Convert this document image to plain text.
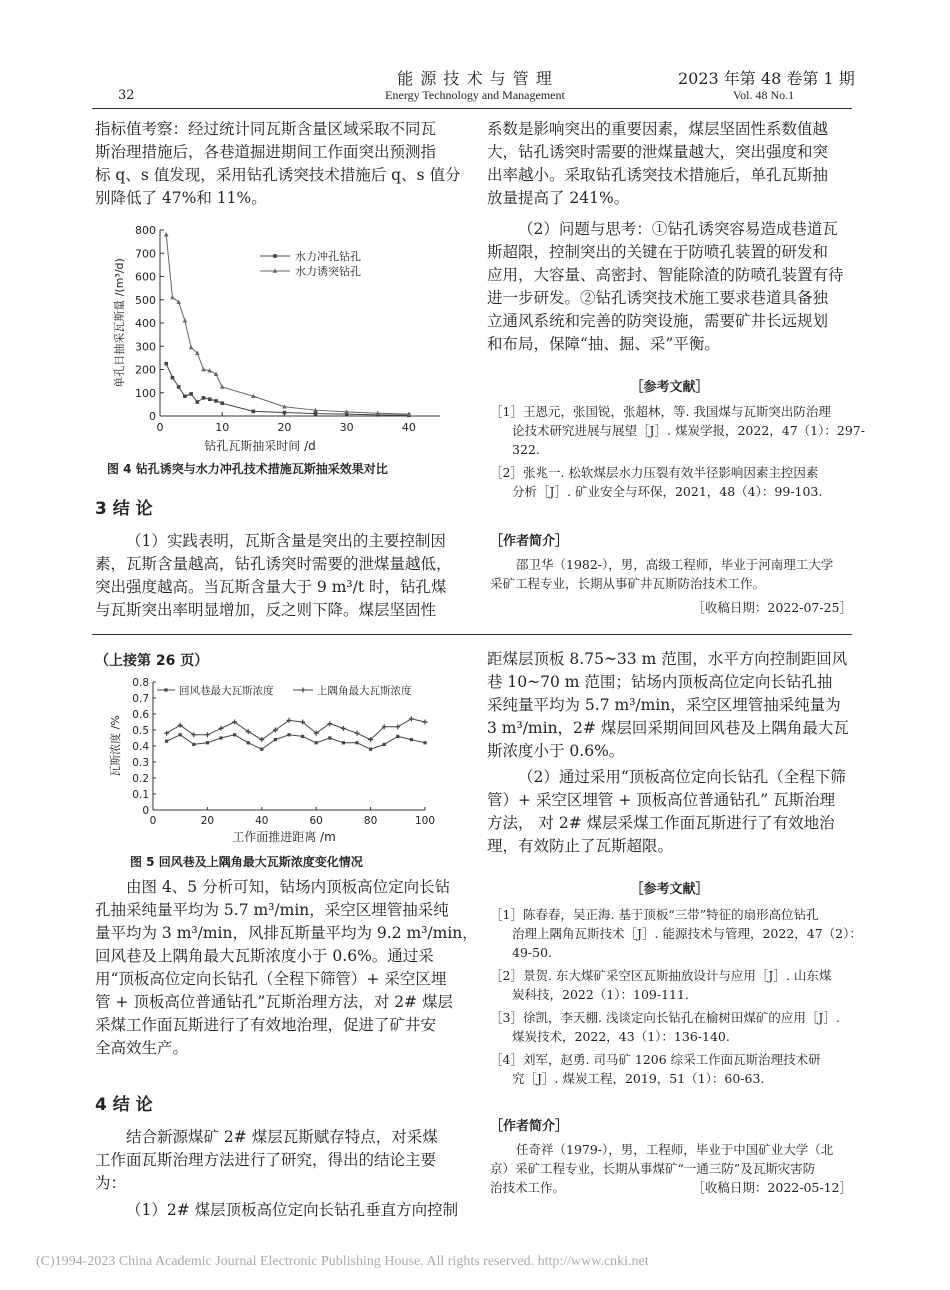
能 源 技 术 与 管 理
Energy Technology and Management
2023 年第 48 卷第 1 期
Vol. 48 No.1
32
指标值考察：经过统计同瓦斯含量区域采取不同瓦
斯治理措施后，各巷道掘进期间工作面突出预测指
标 q、s 值发现，采用钻孔诱突技术措施后 q、s 值分
别降低了 47%和 11%。
0
100
200
300
400
500
600
700
800
0	10	20	30	40
钻孔瓦斯抽采时间 /d
单孔日抽采瓦斯量 /(m³/d)
水力冲孔钻孔
水力诱突钻孔
图 4 钻孔诱突与水力冲孔技术措施瓦斯抽采效果对比
3 结 论
（1）实践表明，瓦斯含量是突出的主要控制因
素，瓦斯含量越高，钻孔诱突时需要的泄煤量越低，
突出强度越高。当瓦斯含量大于 9 m³/t 时，钻孔煤
与瓦斯突出率明显增加，反之则下降。煤层坚固性
系数是影响突出的重要因素，煤层坚固性系数值越
大，钻孔诱突时需要的泄煤量越大，突出强度和突
出率越小。采取钻孔诱突技术措施后，单孔瓦斯抽
放量提高了 241%。
（2）问题与思考：①钻孔诱突容易造成巷道瓦
斯超限，控制突出的关键在于防喷孔装置的研发和
应用，大容量、高密封、智能除渣的防喷孔装置有待
进一步研发。②钻孔诱突技术施工要求巷道具备独
立通风系统和完善的防突设施，需要矿井长远规划
和布局，保障“抽、掘、采”平衡。
［参考文献］
［1］王恩元，张国锐，张超林，等. 我国煤与瓦斯突出防治理
论技术研究进展与展望［J］. 煤炭学报，2022，47（1）：297-
322.
［2］张兆一. 松软煤层水力压裂有效半径影响因素主控因素
分析［J］. 矿业安全与环保，2021，48（4）：99-103.
［作者简介］
邵卫华（1982-），男，高级工程师，毕业于河南理工大学
采矿工程专业，长期从事矿井瓦斯防治技术工作。
［收稿日期：2022-07-25］
（上接第 26 页）
0
0.1
0.2
0.3
0.4
0.5
0.6
0.7
0.8
0	20	40	60	80	100
工作面推进距离 /m
瓦斯浓度 /%
回风巷最大瓦斯浓度	上隅角最大瓦斯浓度
图 5 回风巷及上隅角最大瓦斯浓度变化情况
由图 4、5 分析可知，钻场内顶板高位定向长钻
孔抽采纯量平均为 5.7 m³/min，采空区埋管抽采纯
量平均为 3 m³/min，风排瓦斯量平均为 9.2 m³/min，
回风巷及上隅角最大瓦斯浓度小于 0.6%。通过采
用“顶板高位定向长钻孔（全程下筛管）+ 采空区埋
管 + 顶板高位普通钻孔”瓦斯治理方法，对 2# 煤层
采煤工作面瓦斯进行了有效地治理，促进了矿井安
全高效生产。
4 结 论
结合新源煤矿 2# 煤层瓦斯赋存特点，对采煤
工作面瓦斯治理方法进行了研究，得出的结论主要
为：
（1）2# 煤层顶板高位定向长钻孔垂直方向控制
距煤层顶板 8.75~33 m 范围，水平方向控制距回风
巷 10~70 m 范围；钻场内顶板高位定向长钻孔抽
采纯量平均为 5.7 m³/min，采空区埋管抽采纯量为
3 m³/min，2# 煤层回采期间回风巷及上隅角最大瓦
斯浓度小于 0.6%。
（2）通过采用“顶板高位定向长钻孔（全程下筛
管）+ 采空区埋管 + 顶板高位普通钻孔” 瓦斯治理
方法， 对 2# 煤层采煤工作面瓦斯进行了有效地治
理，有效防止了瓦斯超限。
［参考文献］
［1］陈春春，吴正海. 基于顶板“三带”特征的扇形高位钻孔
治理上隅角瓦斯技术［J］. 能源技术与管理，2022，47（2）：
49-50.
［2］景贺. 东大煤矿采空区瓦斯抽放设计与应用［J］. 山东煤
炭科技，2022（1）：109-111.
［3］徐凯，李天棚. 浅谈定向长钻孔在榆树田煤矿的应用［J］.
煤炭技术，2022，43（1）：136-140.
［4］刘军，赵勇. 司马矿 1206 综采工作面瓦斯治理技术研
究［J］. 煤炭工程，2019，51（1）：60-63.
［作者简介］
任奇祥（1979-），男，工程师，毕业于中国矿业大学（北
京）采矿工程专业，长期从事煤矿“一通三防”及瓦斯灾害防
治技术工作。	［收稿日期：2022-05-12］
(C)1994-2023 China Academic Journal Electronic Publishing House. All rights reserved. http://www.cnki.net
